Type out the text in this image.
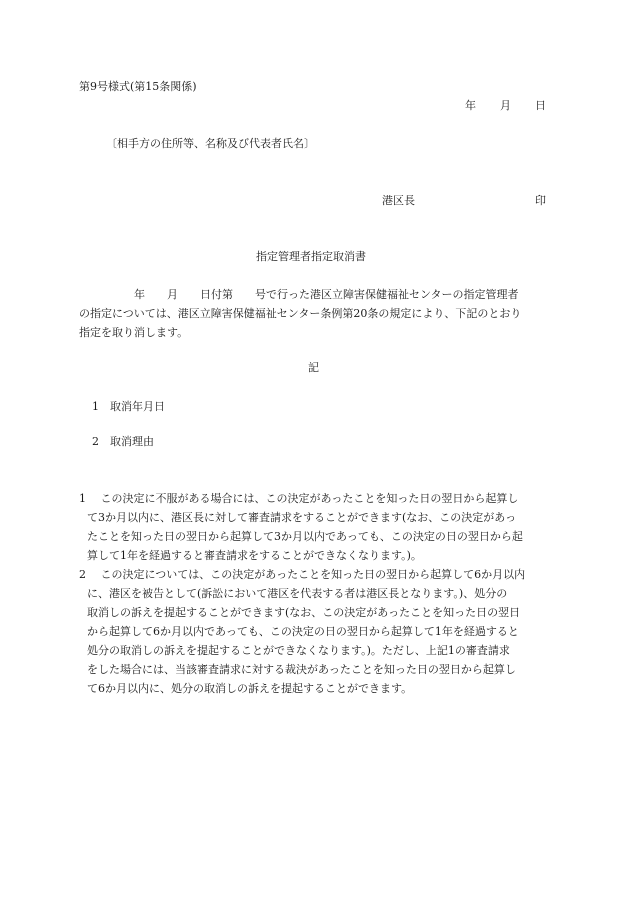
第9号様式(第15条関係)
年 月 日
〔相手方の住所等、名称及び代表者氏名〕
港区長	印
指定管理者指定取消書
　　　　　年　　月　　日付第　　号で行った港区立障害保健福祉センターの指定管理者
の指定については、港区立障害保健福祉センター条例第20条の規定により、下記のとおり
指定を取り消します。
記
1 取消年月日
2 取消理由
1　 この決定に不服がある場合には、この決定があったことを知った日の翌日から起算し
て3か月以内に、港区長に対して審査請求をすることができます(なお、この決定があっ
たことを知った日の翌日から起算して3か月以内であっても、この決定の日の翌日から起
算して1年を経過すると審査請求をすることができなくなります。)。
2　 この決定については、この決定があったことを知った日の翌日から起算して6か月以内
に、港区を被告として(訴訟において港区を代表する者は港区長となります。)、処分の
取消しの訴えを提起することができます(なお、この決定があったことを知った日の翌日
から起算して6か月以内であっても、この決定の日の翌日から起算して1年を経過すると
処分の取消しの訴えを提起することができなくなります。)。ただし、上記1の審査請求
をした場合には、当該審査請求に対する裁決があったことを知った日の翌日から起算し
て6か月以内に、処分の取消しの訴えを提起することができます。
